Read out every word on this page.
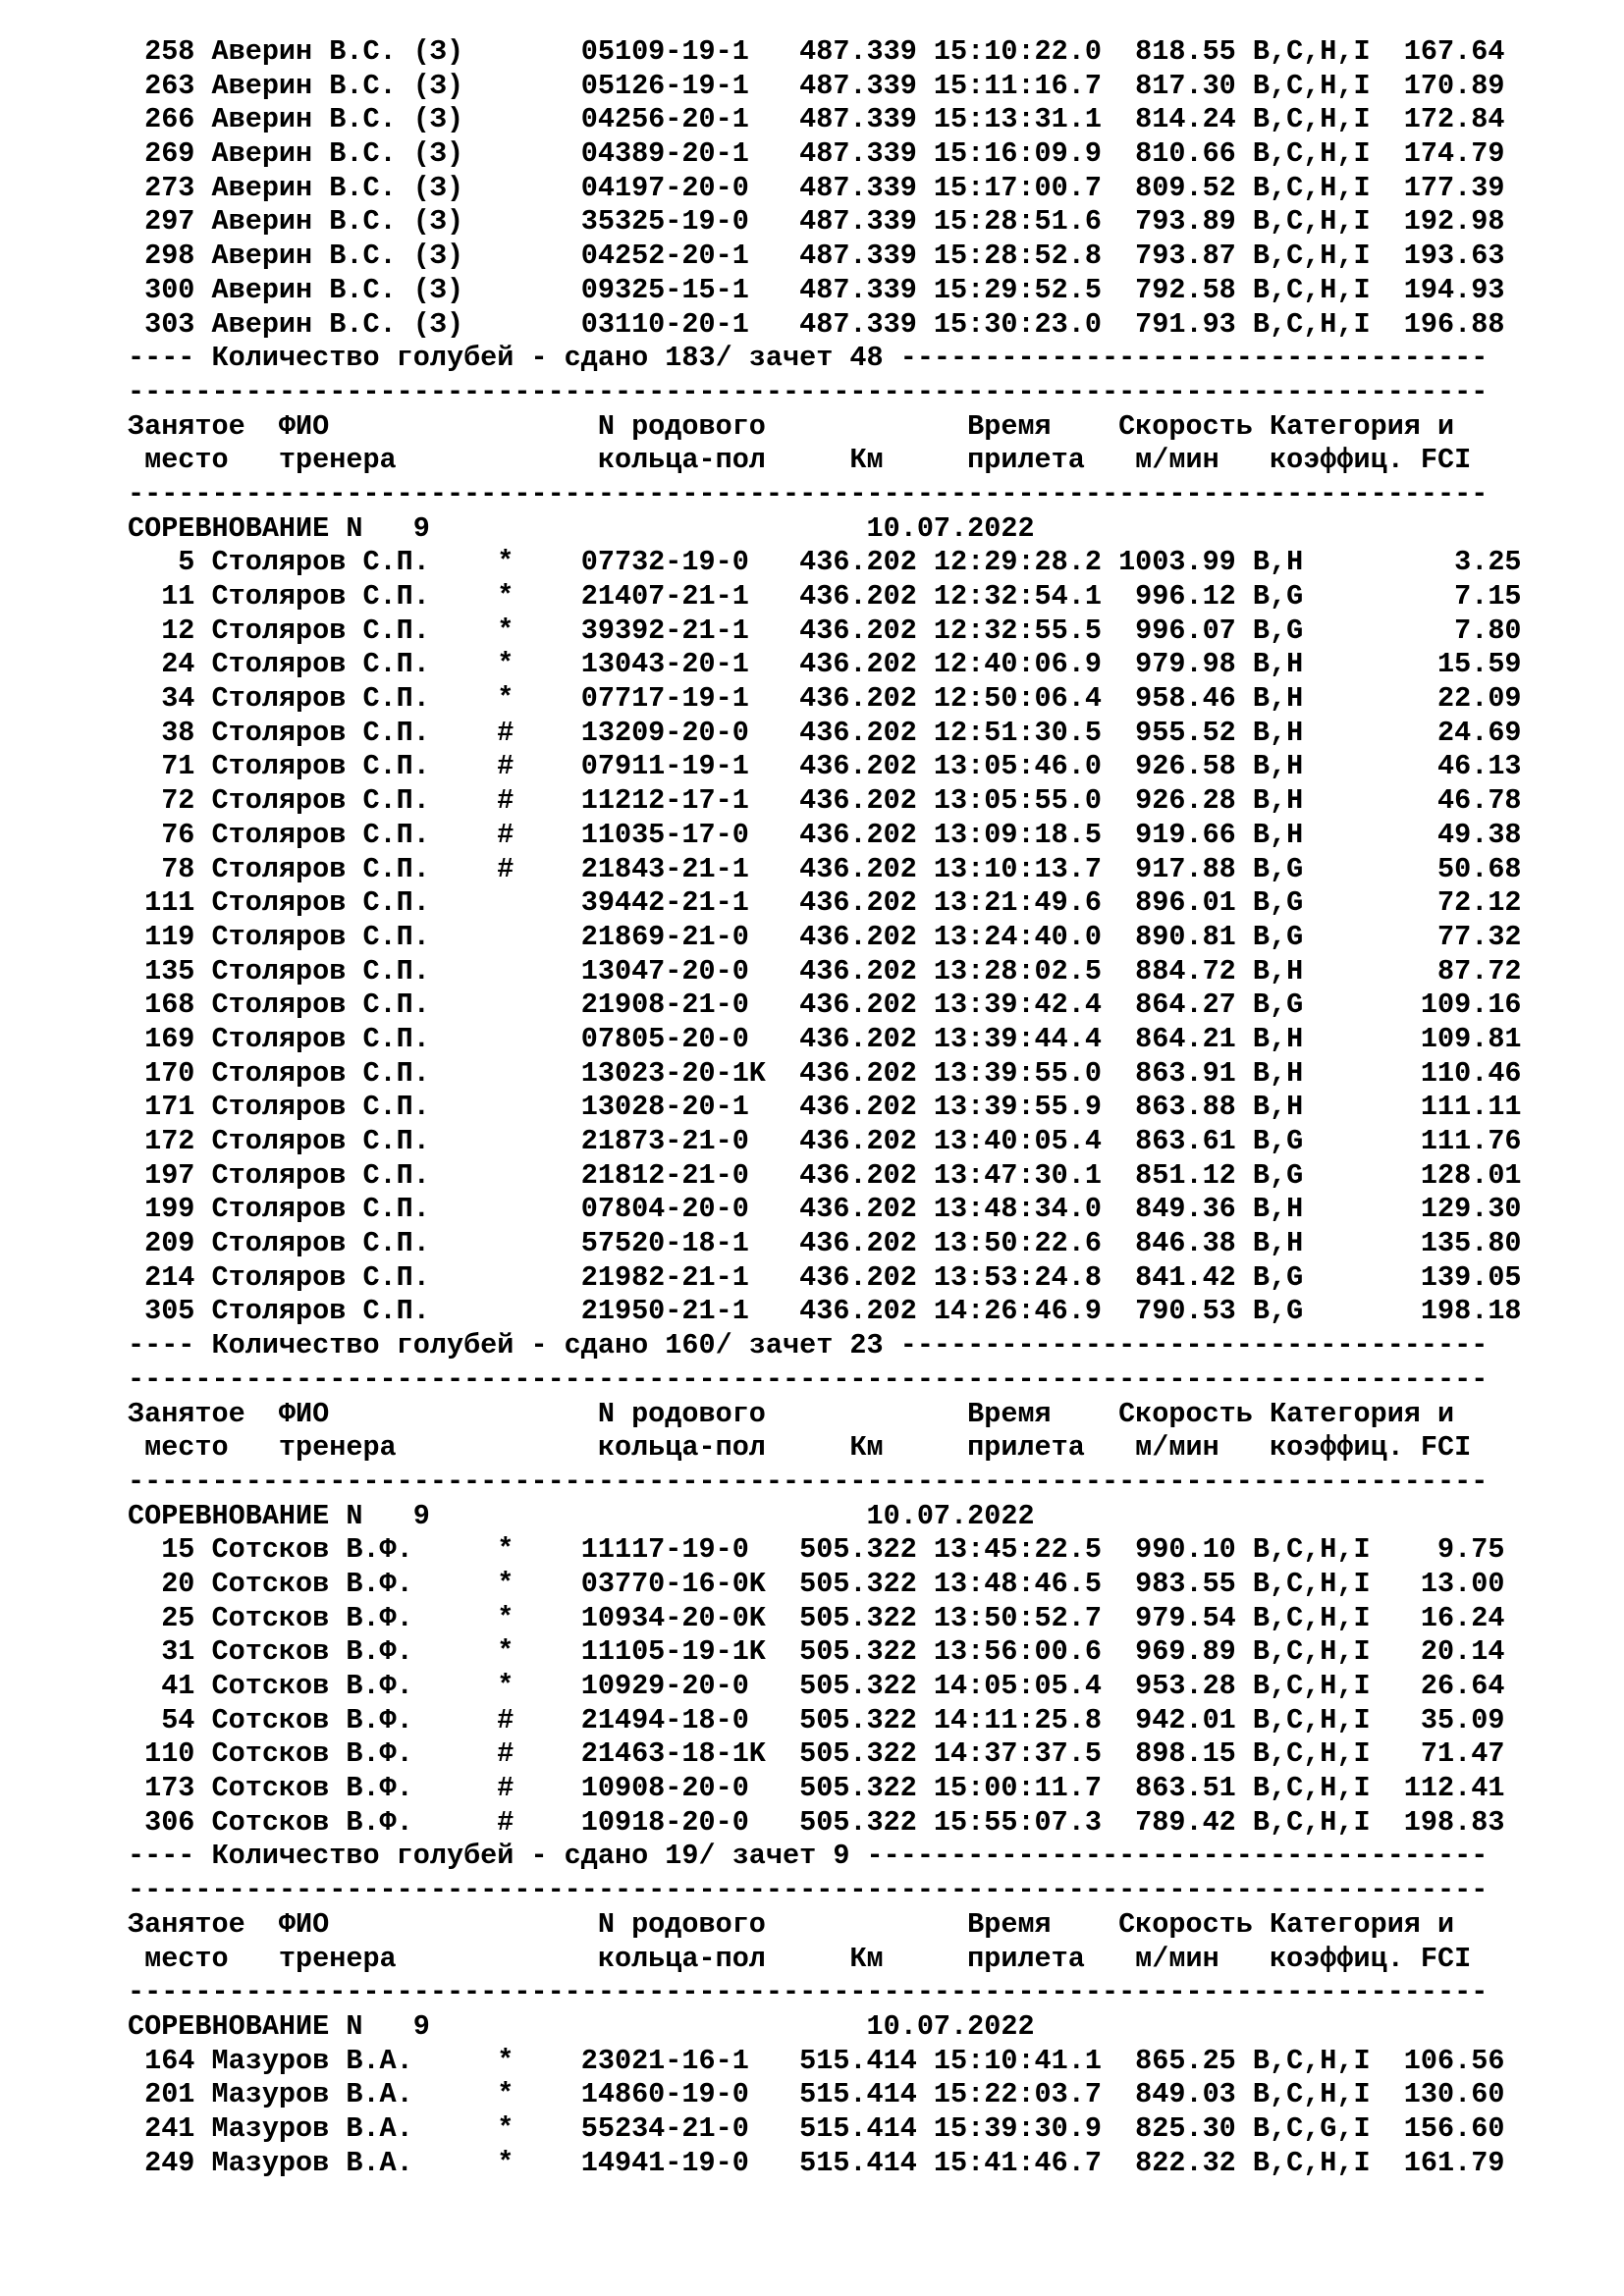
258 Аверин В.С. (З)       05109-19-1   487.339 15:10:22.0  818.55 B,C,H,I  167.64
263 Аверин В.С. (З)       05126-19-1   487.339 15:11:16.7  817.30 B,C,H,I  170.89
266 Аверин В.С. (З)       04256-20-1   487.339 15:13:31.1  814.24 B,C,H,I  172.84
269 Аверин В.С. (З)       04389-20-1   487.339 15:16:09.9  810.66 B,C,H,I  174.79
273 Аверин В.С. (З)       04197-20-0   487.339 15:17:00.7  809.52 B,C,H,I  177.39
297 Аверин В.С. (З)       35325-19-0   487.339 15:28:51.6  793.89 B,C,H,I  192.98
298 Аверин В.С. (З)       04252-20-1   487.339 15:28:52.8  793.87 B,C,H,I  193.63
300 Аверин В.С. (З)       09325-15-1   487.339 15:29:52.5  792.58 B,C,H,I  194.93
303 Аверин В.С. (З)       03110-20-1   487.339 15:30:23.0  791.93 B,C,H,I  196.88
---- Количество голубей - сдано 183/ зачет 48 -----------------------------------
---------------------------------------------------------------------------------
Занятое  ФИО                N родового            Время    Скорость Категория и
место   тренера            кольца-пол     Км     прилета   м/мин   коэффиц. FCI
---------------------------------------------------------------------------------
СОРЕВНОВАНИЕ N   9                          10.07.2022
5 Столяров С.П.    *    07732-19-0   436.202 12:29:28.2 1003.99 B,H         3.25
11 Столяров С.П.    *    21407-21-1   436.202 12:32:54.1  996.12 B,G         7.15
12 Столяров С.П.    *    39392-21-1   436.202 12:32:55.5  996.07 B,G         7.80
24 Столяров С.П.    *    13043-20-1   436.202 12:40:06.9  979.98 B,H        15.59
34 Столяров С.П.    *    07717-19-1   436.202 12:50:06.4  958.46 B,H        22.09
38 Столяров С.П.    #    13209-20-0   436.202 12:51:30.5  955.52 B,H        24.69
71 Столяров С.П.    #    07911-19-1   436.202 13:05:46.0  926.58 B,H        46.13
72 Столяров С.П.    #    11212-17-1   436.202 13:05:55.0  926.28 B,H        46.78
76 Столяров С.П.    #    11035-17-0   436.202 13:09:18.5  919.66 B,H        49.38
78 Столяров С.П.    #    21843-21-1   436.202 13:10:13.7  917.88 B,G        50.68
111 Столяров С.П.         39442-21-1   436.202 13:21:49.6  896.01 B,G        72.12
119 Столяров С.П.         21869-21-0   436.202 13:24:40.0  890.81 B,G        77.32
135 Столяров С.П.         13047-20-0   436.202 13:28:02.5  884.72 B,H        87.72
168 Столяров С.П.         21908-21-0   436.202 13:39:42.4  864.27 B,G       109.16
169 Столяров С.П.         07805-20-0   436.202 13:39:44.4  864.21 B,H       109.81
170 Столяров С.П.         13023-20-1K  436.202 13:39:55.0  863.91 B,H       110.46
171 Столяров С.П.         13028-20-1   436.202 13:39:55.9  863.88 B,H       111.11
172 Столяров С.П.         21873-21-0   436.202 13:40:05.4  863.61 B,G       111.76
197 Столяров С.П.         21812-21-0   436.202 13:47:30.1  851.12 B,G       128.01
199 Столяров С.П.         07804-20-0   436.202 13:48:34.0  849.36 B,H       129.30
209 Столяров С.П.         57520-18-1   436.202 13:50:22.6  846.38 B,H       135.80
214 Столяров С.П.         21982-21-1   436.202 13:53:24.8  841.42 B,G       139.05
305 Столяров С.П.         21950-21-1   436.202 14:26:46.9  790.53 B,G       198.18
---- Количество голубей - сдано 160/ зачет 23 -----------------------------------
---------------------------------------------------------------------------------
Занятое  ФИО                N родового            Время    Скорость Категория и
место   тренера            кольца-пол     Км     прилета   м/мин   коэффиц. FCI
---------------------------------------------------------------------------------
СОРЕВНОВАНИЕ N   9                          10.07.2022
15 Сотсков В.Ф.     *    11117-19-0   505.322 13:45:22.5  990.10 B,C,H,I    9.75
20 Сотсков В.Ф.     *    03770-16-0K  505.322 13:48:46.5  983.55 B,C,H,I   13.00
25 Сотсков В.Ф.     *    10934-20-0K  505.322 13:50:52.7  979.54 B,C,H,I   16.24
31 Сотсков В.Ф.     *    11105-19-1K  505.322 13:56:00.6  969.89 B,C,H,I   20.14
41 Сотсков В.Ф.     *    10929-20-0   505.322 14:05:05.4  953.28 B,C,H,I   26.64
54 Сотсков В.Ф.     #    21494-18-0   505.322 14:11:25.8  942.01 B,C,H,I   35.09
110 Сотсков В.Ф.     #    21463-18-1K  505.322 14:37:37.5  898.15 B,C,H,I   71.47
173 Сотсков В.Ф.     #    10908-20-0   505.322 15:00:11.7  863.51 B,C,H,I  112.41
306 Сотсков В.Ф.     #    10918-20-0   505.322 15:55:07.3  789.42 B,C,H,I  198.83
---- Количество голубей - сдано 19/ зачет 9 -------------------------------------
---------------------------------------------------------------------------------
Занятое  ФИО                N родового            Время    Скорость Категория и
место   тренера            кольца-пол     Км     прилета   м/мин   коэффиц. FCI
---------------------------------------------------------------------------------
СОРЕВНОВАНИЕ N   9                          10.07.2022
164 Мазуров В.А.     *    23021-16-1   515.414 15:10:41.1  865.25 B,C,H,I  106.56
201 Мазуров В.А.     *    14860-19-0   515.414 15:22:03.7  849.03 B,C,H,I  130.60
241 Мазуров В.А.     *    55234-21-0   515.414 15:39:30.9  825.30 B,C,G,I  156.60
249 Мазуров В.А.     *    14941-19-0   515.414 15:41:46.7  822.32 B,C,H,I  161.79
